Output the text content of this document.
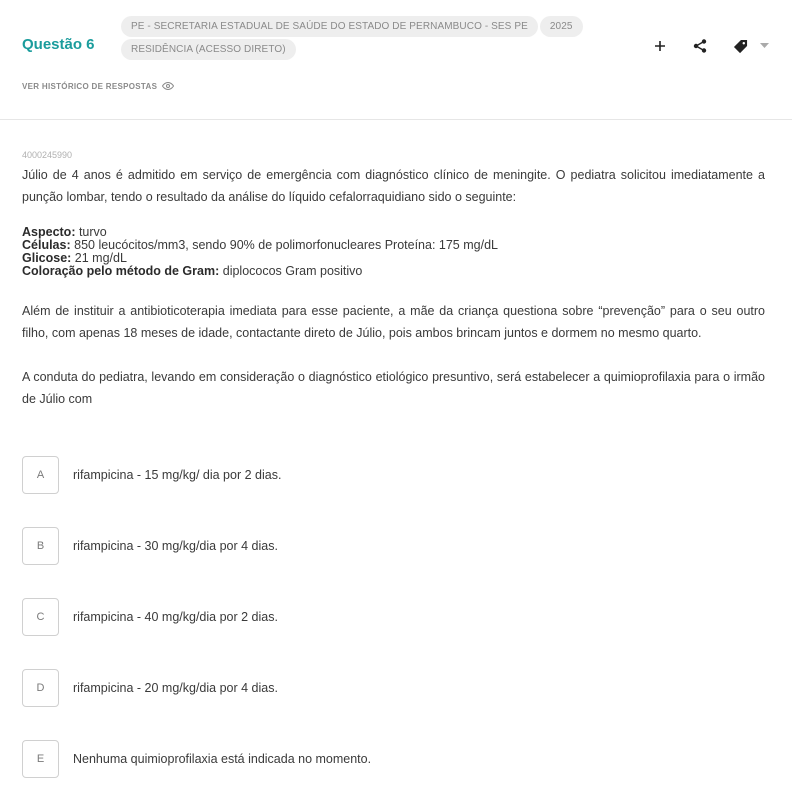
Questão 6
PE - SECRETARIA ESTADUAL DE SAÚDE DO ESTADO DE PERNAMBUCO - SES PE 2025
RESIDÊNCIA (ACESSO DIRETO)
VER HISTÓRICO DE RESPOSTAS
4000245990

Júlio de 4 anos é admitido em serviço de emergência com diagnóstico clínico de meningite. O pediatra solicitou imediatamente a punção lombar, tendo o resultado da análise do líquido cefalorraquidiano sido o seguinte:

Aspecto: turvo
Células: 850 leucócitos/mm3, sendo 90% de polimorfonucleares Proteína: 175 mg/dL
Glicose: 21 mg/dL
Coloração pelo método de Gram: diplococos Gram positivo

Além de instituir a antibioticoterapia imediata para esse paciente, a mãe da criança questiona sobre “prevenção” para o seu outro filho, com apenas 18 meses de idade, contactante direto de Júlio, pois ambos brincam juntos e dormem no mesmo quarto.

A conduta do pediatra, levando em consideração o diagnóstico etiológico presuntivo, será estabelecer a quimioprofilaxia para o irmão de Júlio com

A	rifampicina - 15 mg/kg/ dia por 2 dias.
B	rifampicina - 30 mg/kg/dia por 4 dias.
C	rifampicina - 40 mg/kg/dia por 2 dias.
D	rifampicina - 20 mg/kg/dia por 4 dias.
E	Nenhuma quimioprofilaxia está indicada no momento.
